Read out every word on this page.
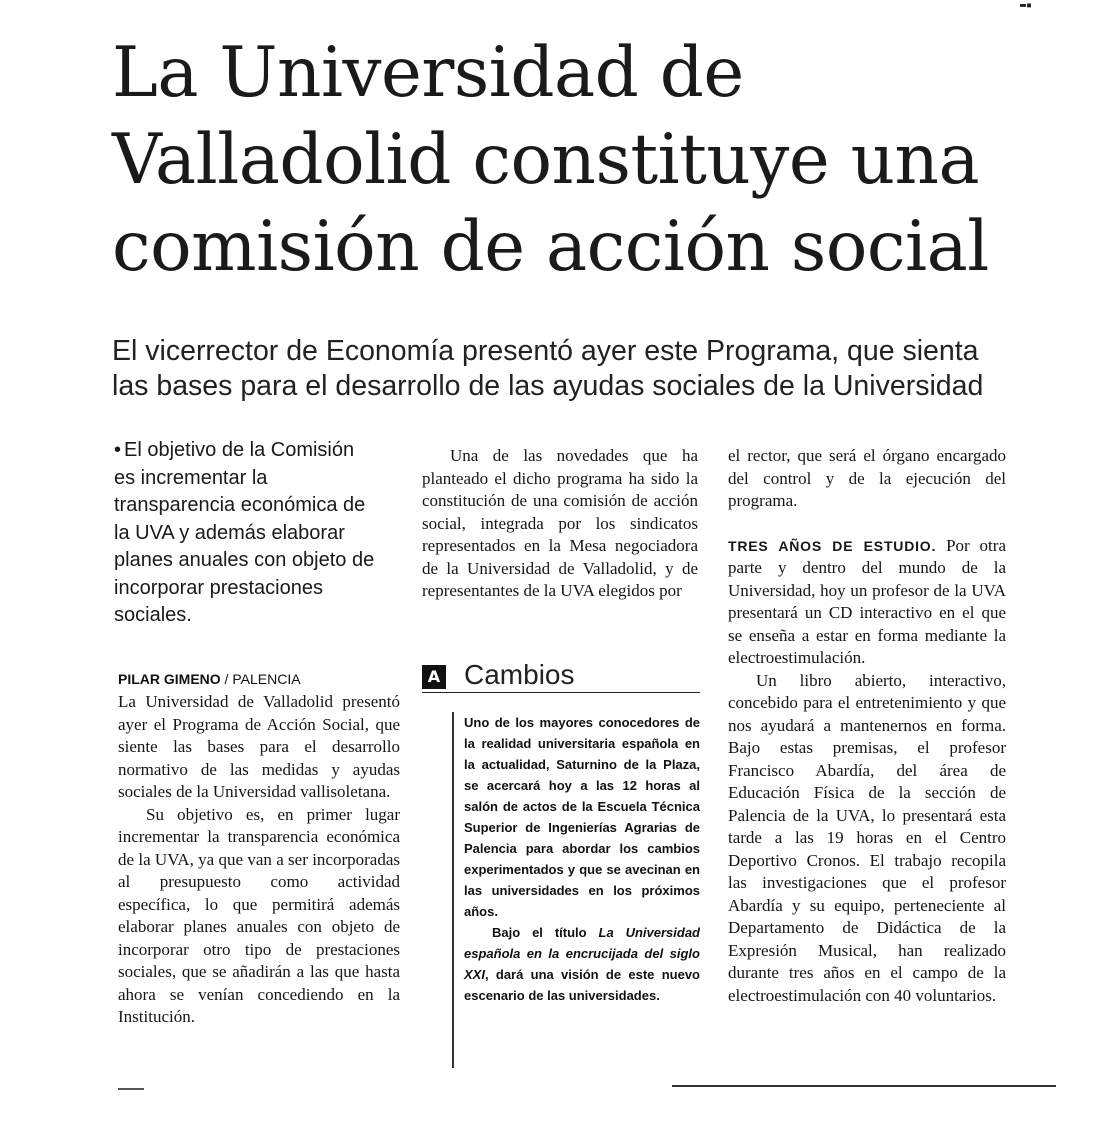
▬▪
La Universidad de
Valladolid constituye una
comisión de acción social
El vicerrector de Economía presentó ayer este Programa, que sienta
las bases para el desarrollo de las ayudas sociales de la Universidad
• El objetivo de la Comisión es incrementar la transparencia económica de la UVA y además elaborar planes anuales con objeto de incorporar prestaciones sociales.
PILAR GIMENO / PALENCIA

La Universidad de Valladolid presentó ayer el Programa de Acción Social, que siente las bases para el desarrollo normativo de las medidas y ayudas sociales de la Universidad vallisoletana.

Su objetivo es, en primer lugar incrementar la transparencia económica de la UVA, ya que van a ser incorporadas al presupuesto como actividad específica, lo que permitirá además elaborar planes anuales con objeto de incorporar otro tipo de prestaciones sociales, que se añadirán a las que hasta ahora se venían concediendo en la Institución.

Una de las novedades que ha planteado el dicho programa ha sido la constitución de una comisión de acción social, integrada por los sindicatos representados en la Mesa negociadora de la Universidad de Valladolid, y de representantes de la UVA elegidos por

A Cambios

Uno de los mayores conocedores de la realidad universitaria española en la actualidad, Saturnino de la Plaza, se acercará hoy a las 12 horas al salón de actos de la Escuela Técnica Superior de Ingenierías Agrarias de Palencia para abordar los cambios experimentados y que se avecinan en las universidades en los próximos años.

Bajo el título La Universidad española en la encrucijada del siglo XXI, dará una visión de este nuevo escenario de las universidades.

el rector, que será el órgano encargado del control y de la ejecución del programa.

TRES AÑOS DE ESTUDIO. Por otra parte y dentro del mundo de la Universidad, hoy un profesor de la UVA presentará un CD interactivo en el que se enseña a estar en forma mediante la electroestimulación.

Un libro abierto, interactivo, concebido para el entretenimiento y que nos ayudará a mantenernos en forma. Bajo estas premisas, el profesor Francisco Abardía, del área de Educación Física de la sección de Palencia de la UVA, lo presentará esta tarde a las 19 horas en el Centro Deportivo Cronos. El trabajo recopila las investigaciones que el profesor Abardía y su equipo, perteneciente al Departamento de Didáctica de la Expresión Musical, han realizado durante tres años en el campo de la electroestimulación con 40 voluntarios.
